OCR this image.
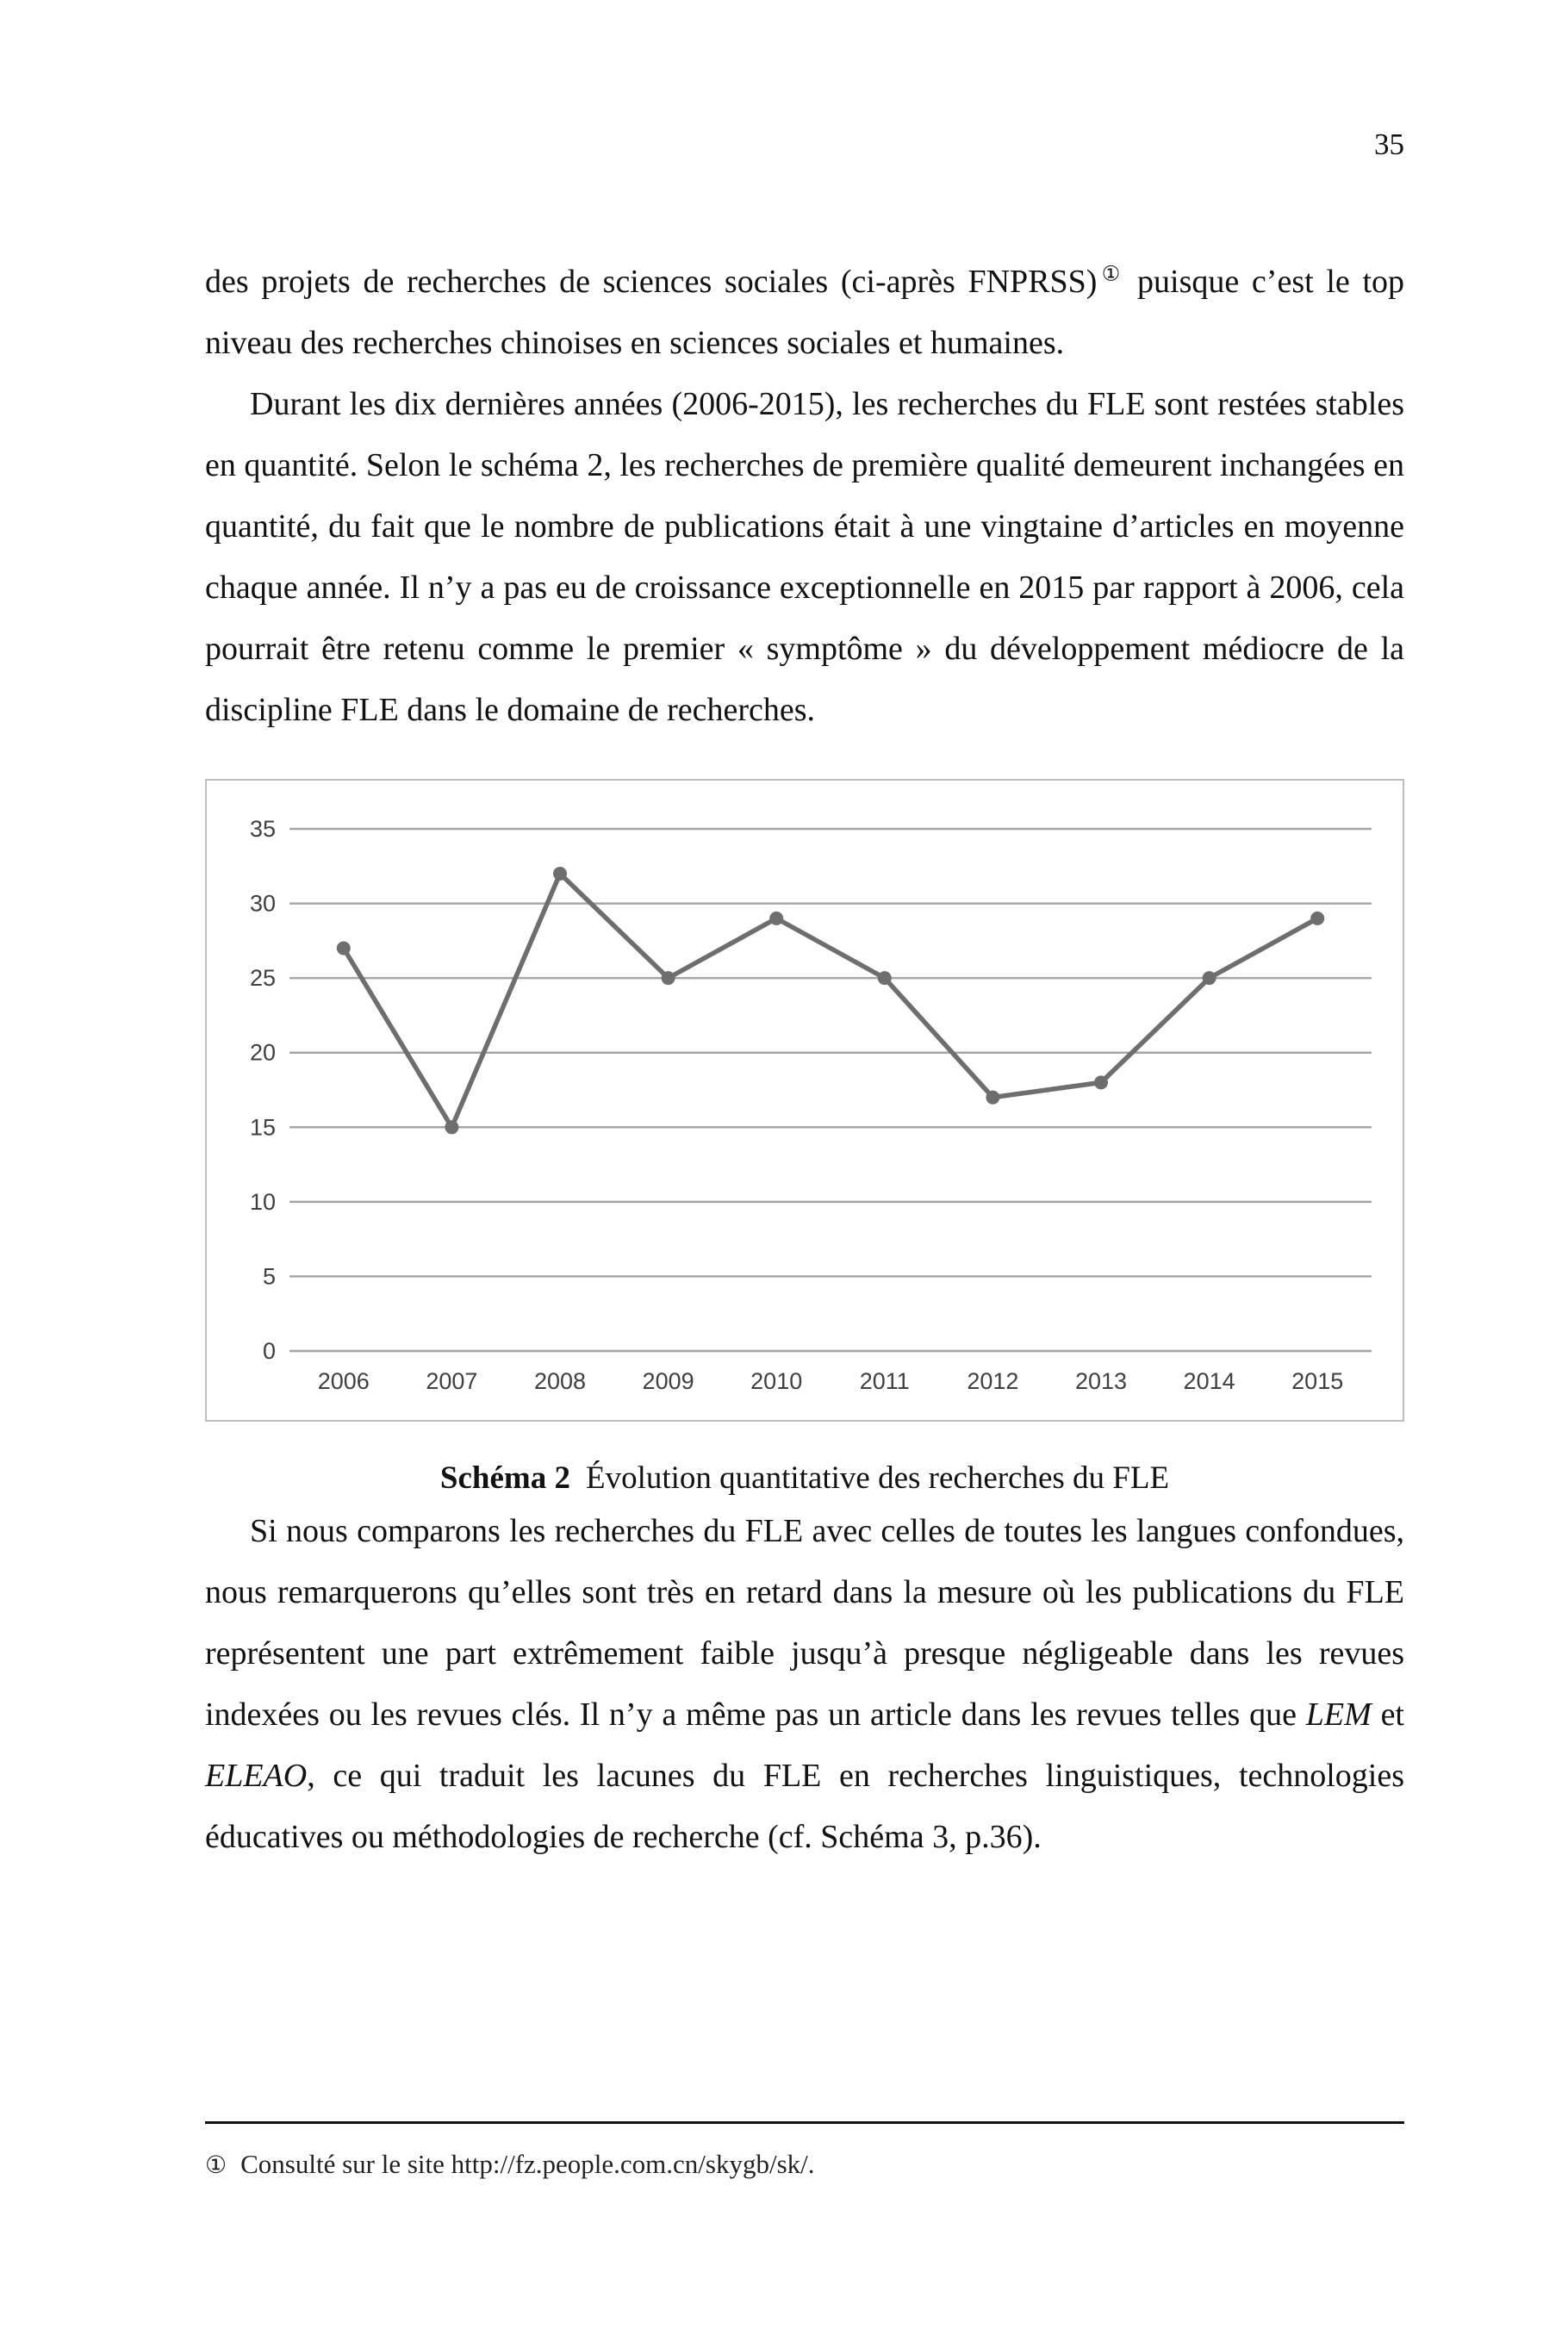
35

des projets de recherches de sciences sociales (ci-après FNPRSS)① puisque c’est le top niveau des recherches chinoises en sciences sociales et humaines.

Durant les dix dernières années (2006-2015), les recherches du FLE sont restées stables en quantité. Selon le schéma 2, les recherches de première qualité demeurent inchangées en quantité, du fait que le nombre de publications était à une vingtaine d’articles en moyenne chaque année. Il n’y a pas eu de croissance exceptionnelle en 2015 par rapport à 2006, cela pourrait être retenu comme le premier « symptôme » du développement médiocre de la discipline FLE dans le domaine de recherches.

0
5
10
15
20
25
30
35
2006 2007 2008 2009 2010 2011 2012 2013 2014 2015
Schéma 2 Évolution quantitative des recherches du FLE

Si nous comparons les recherches du FLE avec celles de toutes les langues confondues, nous remarquerons qu’elles sont très en retard dans la mesure où les publications du FLE représentent une part extrêmement faible jusqu’à presque négligeable dans les revues indexées ou les revues clés. Il n’y a même pas un article dans les revues telles que LEM et ELEAO, ce qui traduit les lacunes du FLE en recherches linguistiques, technologies éducatives ou méthodologies de recherche (cf. Schéma 3, p.36).

① Consulté sur le site http://fz.people.com.cn/skygb/sk/.
